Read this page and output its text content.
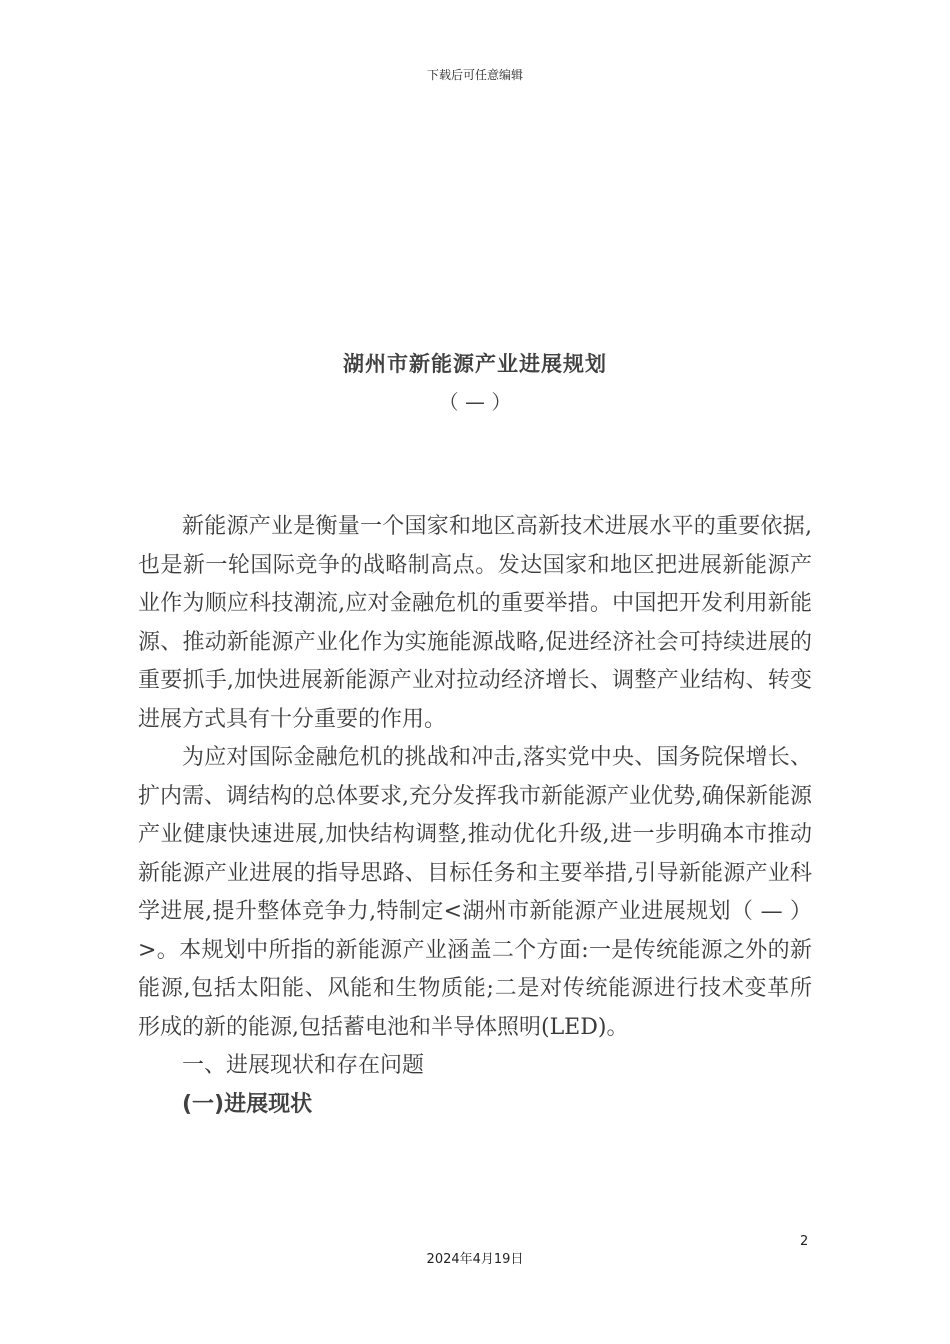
下载后可任意编辑
湖州市新能源产业进展规划
（ — ）

新能源产业是衡量一个国家和地区高新技术进展水平的重要依据,也是新一轮国际竞争的战略制高点。发达国家和地区把进展新能源产业作为顺应科技潮流,应对金融危机的重要举措。中国把开发利用新能源、推动新能源产业化作为实施能源战略,促进经济社会可持续进展的重要抓手,加快进展新能源产业对拉动经济增长、调整产业结构、转变进展方式具有十分重要的作用。

为应对国际金融危机的挑战和冲击,落实党中央、国务院保增长、扩内需、调结构的总体要求,充分发挥我市新能源产业优势,确保新能源产业健康快速进展,加快结构调整,推动优化升级,进一步明确本市推动新能源产业进展的指导思路、目标任务和主要举措,引导新能源产业科学进展,提升整体竞争力,特制定<湖州市新能源产业进展规划（ — ）>。本规划中所指的新能源产业涵盖二个方面:一是传统能源之外的新能源,包括太阳能、风能和生物质能;二是对传统能源进行技术变革所形成的新的能源,包括蓄电池和半导体照明(LED)。

一、进展现状和存在问题
(一)进展现状
2
2024年4月19日
